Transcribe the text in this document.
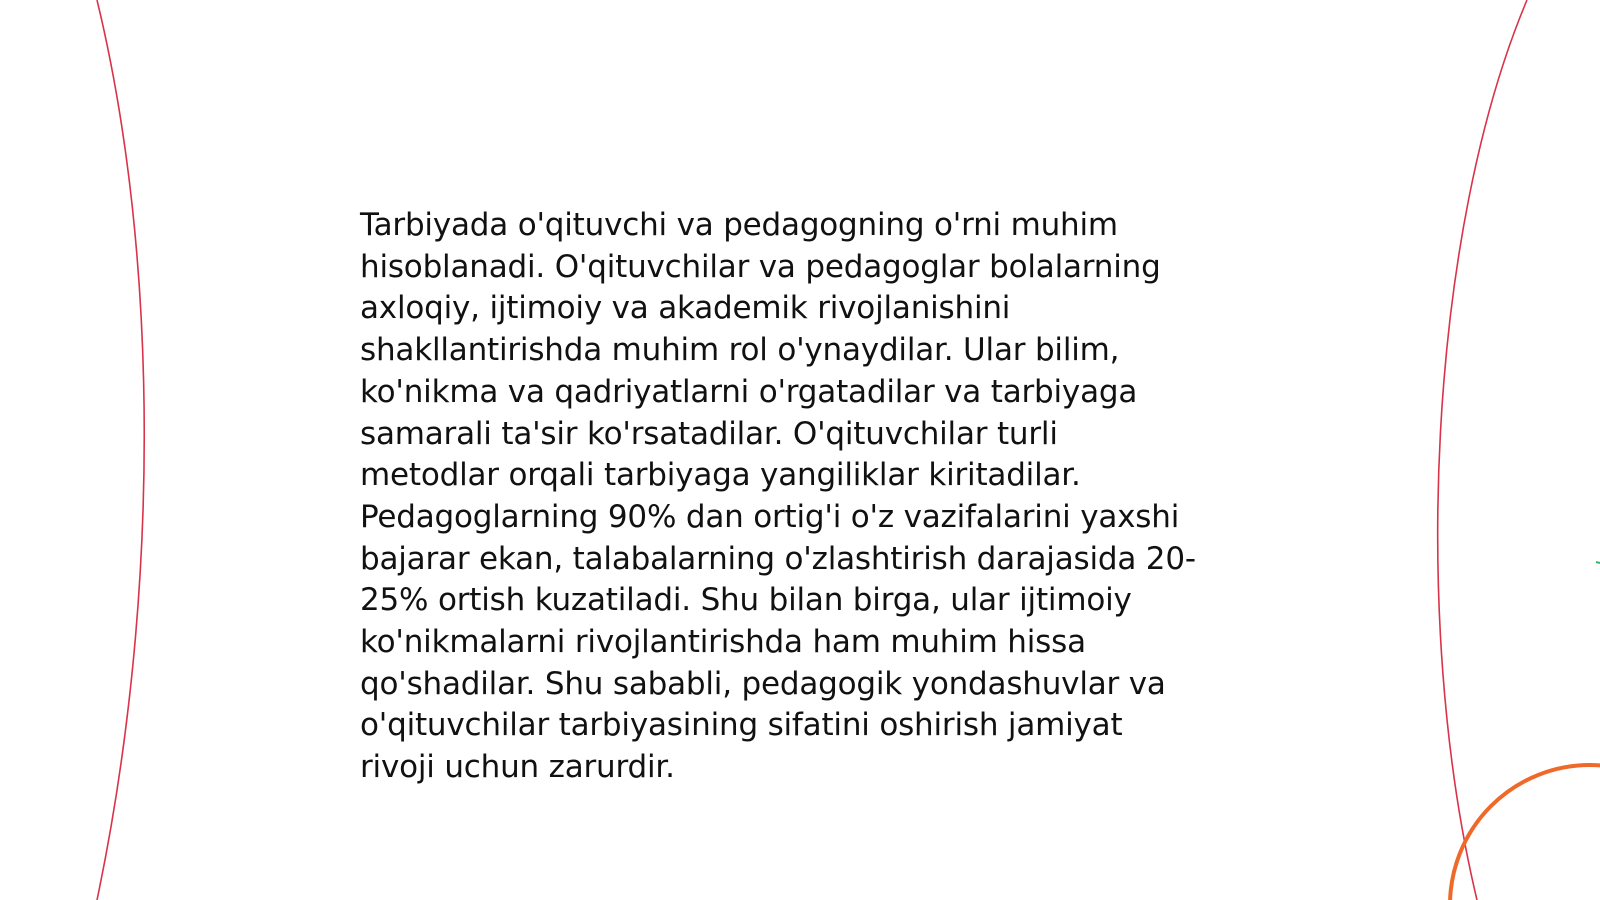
Tarbiyada o'qituvchi va pedagogning o'rni muhim
hisoblanadi. O'qituvchilar va pedagoglar bolalarning
axloqiy, ijtimoiy va akademik rivojlanishini
shakllantirishda muhim rol o'ynaydilar. Ular bilim,
ko'nikma va qadriyatlarni o'rgatadilar va tarbiyaga
samarali ta'sir ko'rsatadilar. O'qituvchilar turli
metodlar orqali tarbiyaga yangiliklar kiritadilar.
Pedagoglarning 90% dan ortig'i o'z vazifalarini yaxshi
bajarar ekan, talabalarning o'zlashtirish darajasida 20-
25% ortish kuzatiladi. Shu bilan birga, ular ijtimoiy
ko'nikmalarni rivojlantirishda ham muhim hissa
qo'shadilar. Shu sababli, pedagogik yondashuvlar va
o'qituvchilar tarbiyasining sifatini oshirish jamiyat
rivoji uchun zarurdir.
